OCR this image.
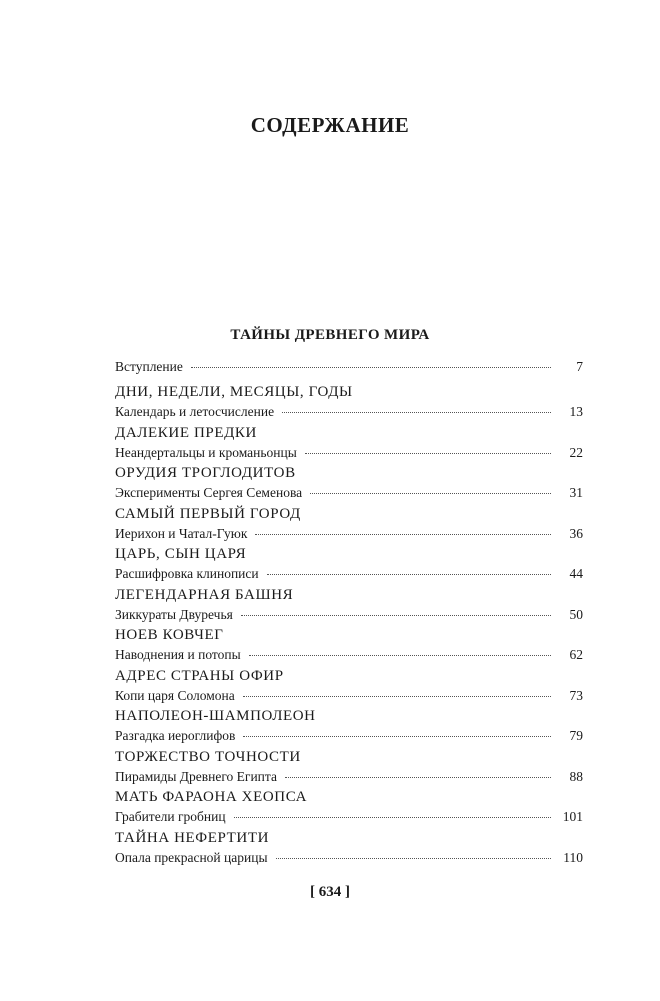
СОДЕРЖАНИЕ
ТАЙНЫ ДРЕВНЕГО МИРА
Вступление	7
ДНИ, НЕДЕЛИ, МЕСЯЦЫ, ГОДЫ
Календарь и летосчисление	13
ДАЛЕКИЕ ПРЕДКИ
Неандертальцы и кроманьонцы	22
ОРУДИЯ ТРОГЛОДИТОВ
Эксперименты Сергея Семенова	31
САМЫЙ ПЕРВЫЙ ГОРОД
Иерихон и Чатал-Гуюк	36
ЦАРЬ, СЫН ЦАРЯ
Расшифровка клинописи	44
ЛЕГЕНДАРНАЯ БАШНЯ
Зиккураты Двуречья	50
НОЕВ КОВЧЕГ
Наводнения и потопы	62
АДРЕС СТРАНЫ ОФИР
Копи царя Соломона	73
НАПОЛЕОН-ШАМПОЛЕОН
Разгадка иероглифов	79
ТОРЖЕСТВО ТОЧНОСТИ
Пирамиды Древнего Египта	88
МАТЬ ФАРАОНА ХЕОПСА
Грабители гробниц	101
ТАЙНА НЕФЕРТИТИ
Опала прекрасной царицы	110
[ 634 ]
